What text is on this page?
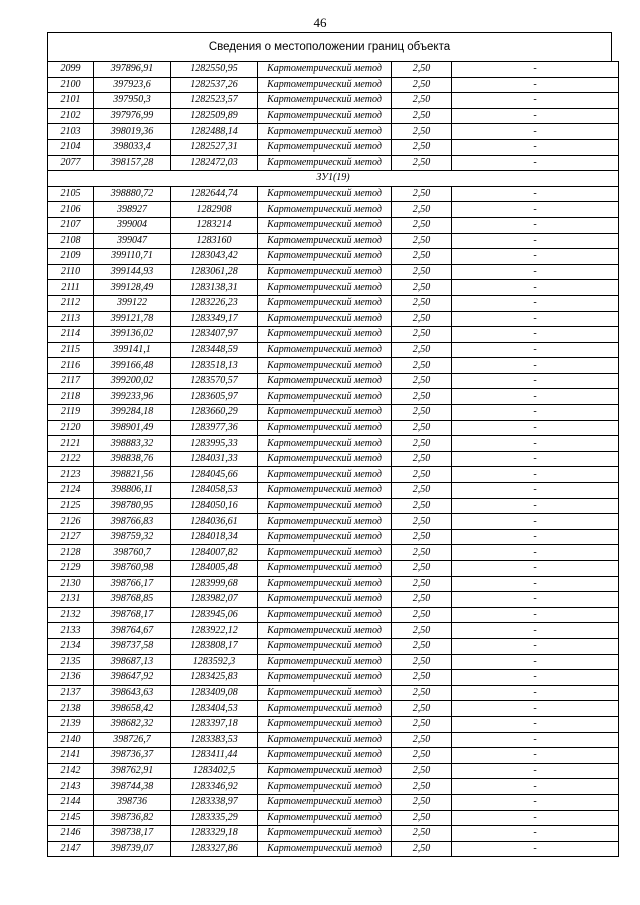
46
Сведения о местоположении границ объекта
2099	397896,91	1282550,95	Картометрический метод	2,50	-
2100	397923,6	1282537,26	Картометрический метод	2,50	-
2101	397950,3	1282523,57	Картометрический метод	2,50	-
2102	397976,99	1282509,89	Картометрический метод	2,50	-
2103	398019,36	1282488,14	Картометрический метод	2,50	-
2104	398033,4	1282527,31	Картометрический метод	2,50	-
2077	398157,28	1282472,03	Картометрический метод	2,50	-
ЗУ1(19)					
2105	398880,72	1282644,74	Картометрический метод	2,50	-
2106	398927	1282908	Картометрический метод	2,50	-
2107	399004	1283214	Картометрический метод	2,50	-
2108	399047	1283160	Картометрический метод	2,50	-
2109	399110,71	1283043,42	Картометрический метод	2,50	-
2110	399144,93	1283061,28	Картометрический метод	2,50	-
2111	399128,49	1283138,31	Картометрический метод	2,50	-
2112	399122	1283226,23	Картометрический метод	2,50	-
2113	399121,78	1283349,17	Картометрический метод	2,50	-
2114	399136,02	1283407,97	Картометрический метод	2,50	-
2115	399141,1	1283448,59	Картометрический метод	2,50	-
2116	399166,48	1283518,13	Картометрический метод	2,50	-
2117	399200,02	1283570,57	Картометрический метод	2,50	-
2118	399233,96	1283605,97	Картометрический метод	2,50	-
2119	399284,18	1283660,29	Картометрический метод	2,50	-
2120	398901,49	1283977,36	Картометрический метод	2,50	-
2121	398883,32	1283995,33	Картометрический метод	2,50	-
2122	398838,76	1284031,33	Картометрический метод	2,50	-
2123	398821,56	1284045,66	Картометрический метод	2,50	-
2124	398806,11	1284058,53	Картометрический метод	2,50	-
2125	398780,95	1284050,16	Картометрический метод	2,50	-
2126	398766,83	1284036,61	Картометрический метод	2,50	-
2127	398759,32	1284018,34	Картометрический метод	2,50	-
2128	398760,7	1284007,82	Картометрический метод	2,50	-
2129	398760,98	1284005,48	Картометрический метод	2,50	-
2130	398766,17	1283999,68	Картометрический метод	2,50	-
2131	398768,85	1283982,07	Картометрический метод	2,50	-
2132	398768,17	1283945,06	Картометрический метод	2,50	-
2133	398764,67	1283922,12	Картометрический метод	2,50	-
2134	398737,58	1283808,17	Картометрический метод	2,50	-
2135	398687,13	1283592,3	Картометрический метод	2,50	-
2136	398647,92	1283425,83	Картометрический метод	2,50	-
2137	398643,63	1283409,08	Картометрический метод	2,50	-
2138	398658,42	1283404,53	Картометрический метод	2,50	-
2139	398682,32	1283397,18	Картометрический метод	2,50	-
2140	398726,7	1283383,53	Картометрический метод	2,50	-
2141	398736,37	1283411,44	Картометрический метод	2,50	-
2142	398762,91	1283402,5	Картометрический метод	2,50	-
2143	398744,38	1283346,92	Картометрический метод	2,50	-
2144	398736	1283338,97	Картометрический метод	2,50	-
2145	398736,82	1283335,29	Картометрический метод	2,50	-
2146	398738,17	1283329,18	Картометрический метод	2,50	-
2147	398739,07	1283327,86	Картометрический метод	2,50	-
